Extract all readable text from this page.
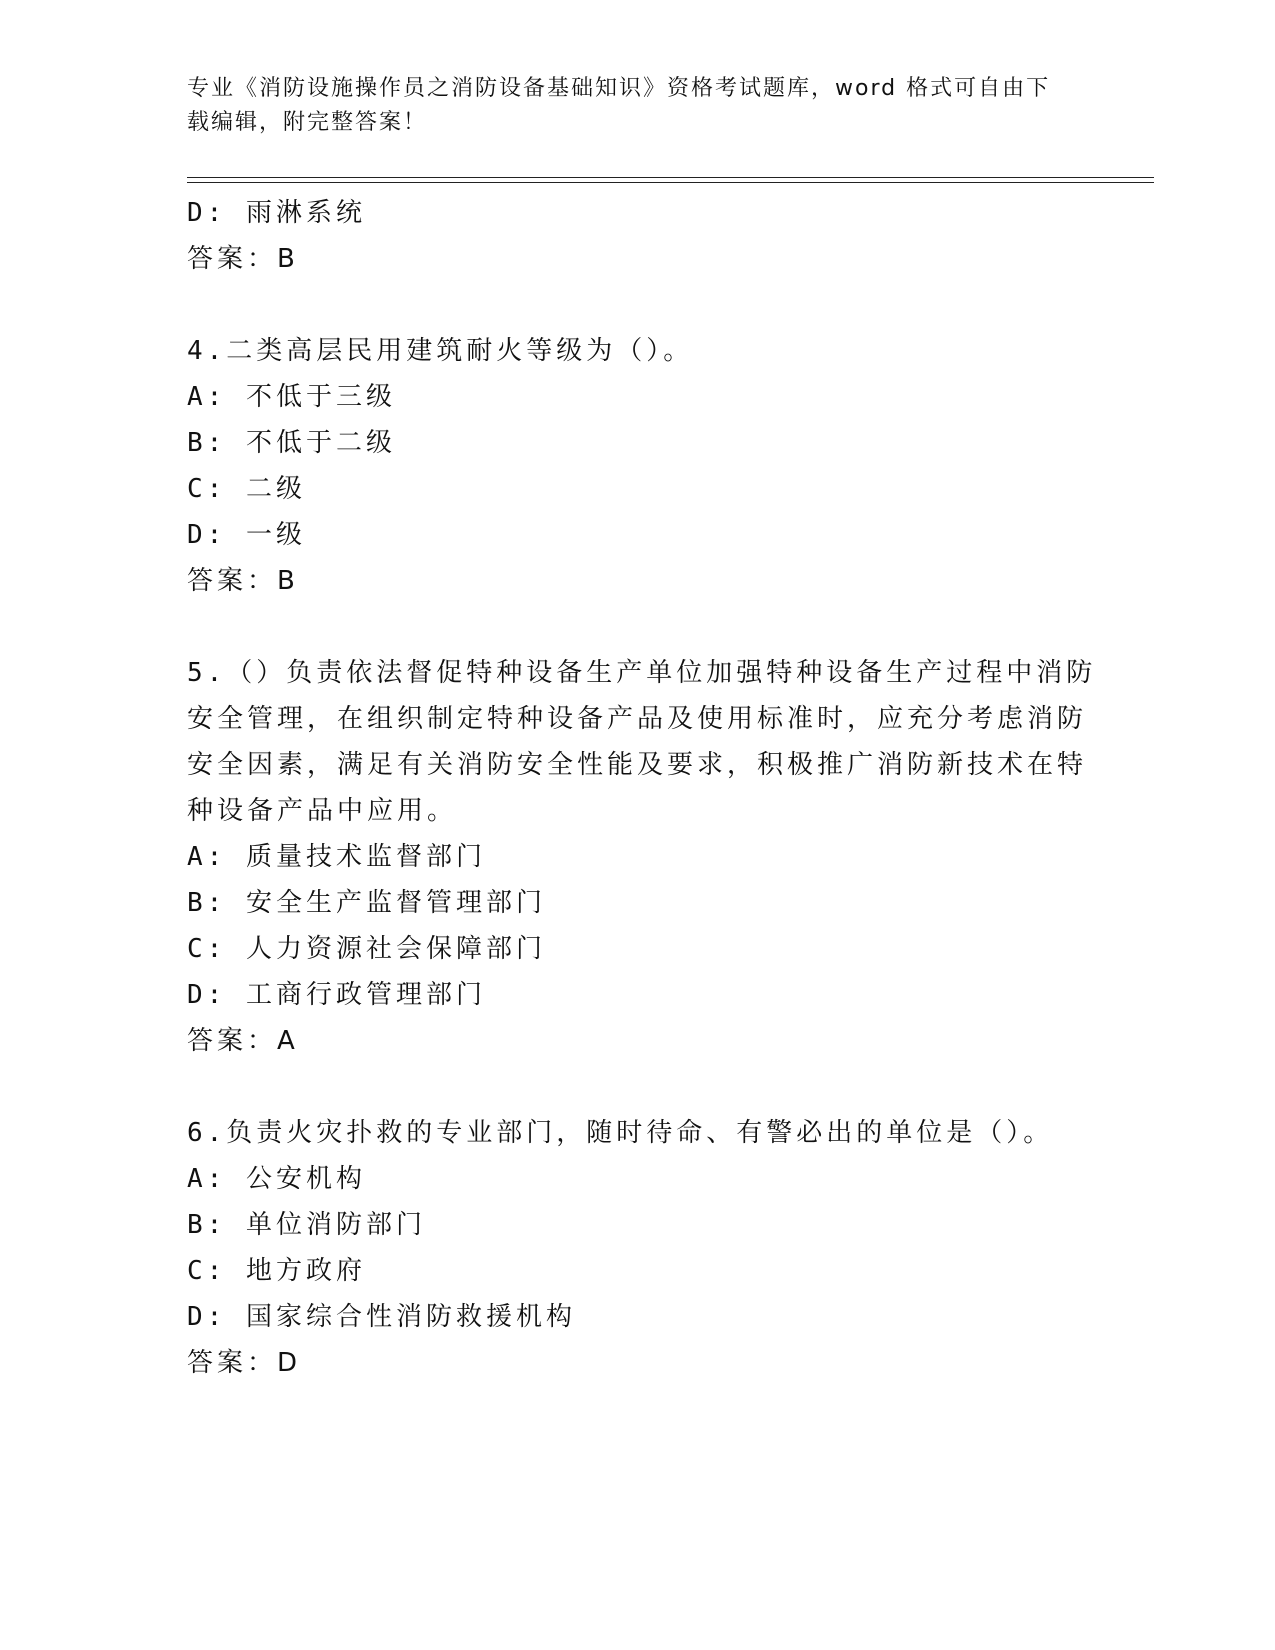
专业《消防设施操作员之消防设备基础知识》资格考试题库，word 格式可自由下
载编辑，附完整答案！
D: 雨淋系统
答案：B
4.二类高层民用建筑耐火等级为（）。
A: 不低于三级
B: 不低于二级
C: 二级
D: 一级
答案：B
5.（）负责依法督促特种设备生产单位加强特种设备生产过程中消防
安全管理，在组织制定特种设备产品及使用标准时，应充分考虑消防
安全因素，满足有关消防安全性能及要求，积极推广消防新技术在特
种设备产品中应用。
A: 质量技术监督部门
B: 安全生产监督管理部门
C: 人力资源社会保障部门
D: 工商行政管理部门
答案：A
6.负责火灾扑救的专业部门，随时待命、有警必出的单位是（）。
A: 公安机构
B: 单位消防部门
C: 地方政府
D: 国家综合性消防救援机构
答案：D
